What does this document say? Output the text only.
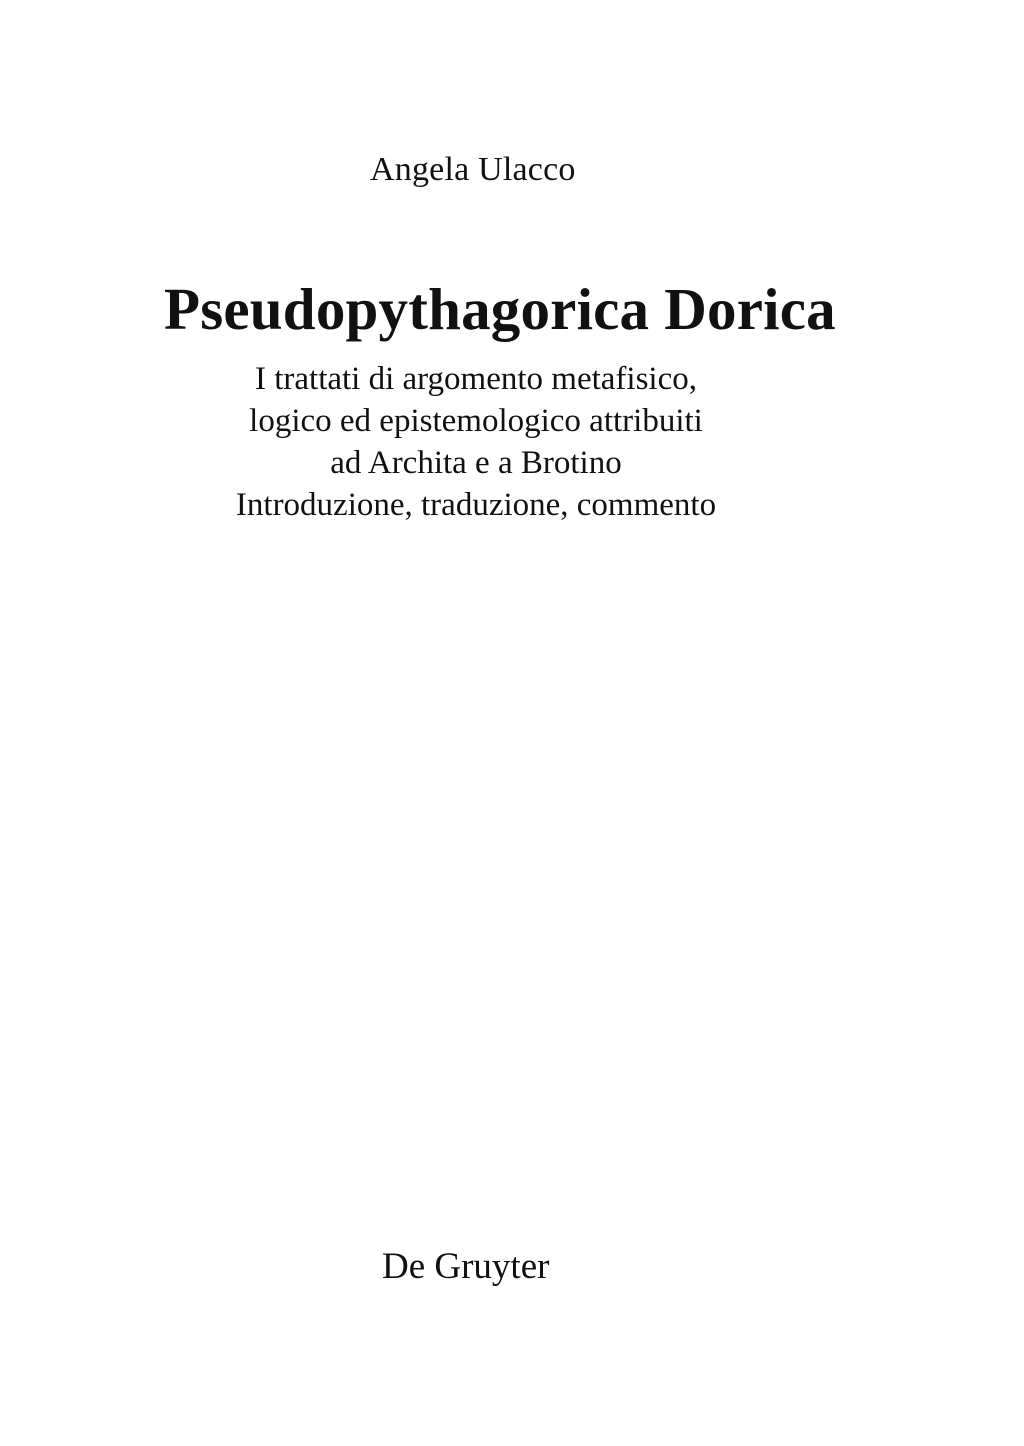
Angela Ulacco
Pseudopythagorica Dorica
I trattati di argomento metafisico,
logico ed epistemologico attribuiti
ad Archita e a Brotino
Introduzione, traduzione, commento
De Gruyter
